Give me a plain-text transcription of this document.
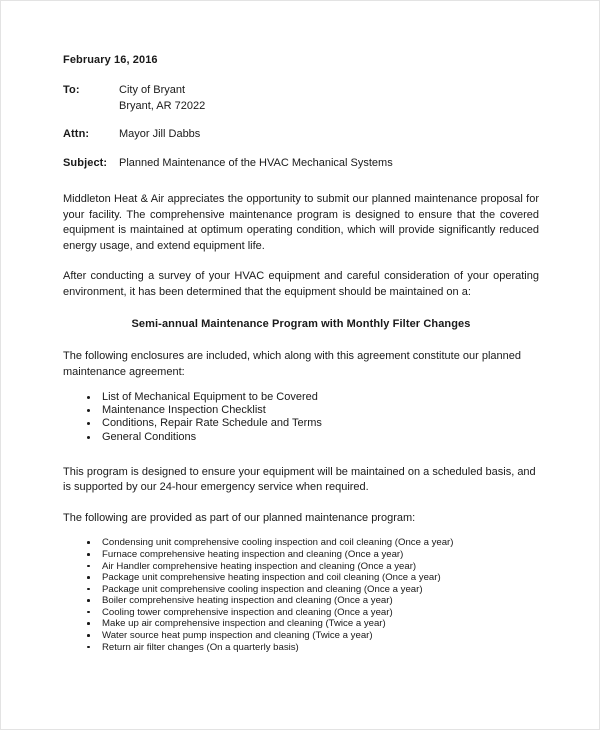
February 16, 2016
To:	City of Bryant
Bryant, AR 72022
Attn:	Mayor Jill Dabbs
Subject:	Planned Maintenance of the HVAC Mechanical Systems

Middleton Heat & Air appreciates the opportunity to submit our planned maintenance proposal for your facility. The comprehensive maintenance program is designed to ensure that the covered equipment is maintained at optimum operating condition, which will provide significantly reduced energy usage, and extend equipment life.

After conducting a survey of your HVAC equipment and careful consideration of your operating environment, it has been determined that the equipment should be maintained on a:

Semi-annual Maintenance Program with Monthly Filter Changes

The following enclosures are included, which along with this agreement constitute our planned maintenance agreement:

List of Mechanical Equipment to be Covered
Maintenance Inspection Checklist
Conditions, Repair Rate Schedule and Terms
General Conditions

This program is designed to ensure your equipment will be maintained on a scheduled basis, and is supported by our 24-hour emergency service when required.

The following are provided as part of our planned maintenance program:

Condensing unit comprehensive cooling inspection and coil cleaning (Once a year)
Furnace comprehensive heating inspection and cleaning (Once a year)
Air Handler comprehensive heating inspection and cleaning (Once a year)
Package unit comprehensive heating inspection and coil cleaning (Once a year)
Package unit comprehensive cooling inspection and cleaning (Once a year)
Boiler comprehensive heating inspection and cleaning (Once a year)
Cooling tower comprehensive inspection and cleaning (Once a year)
Make up air comprehensive inspection and cleaning (Twice a year)
Water source heat pump inspection and cleaning (Twice a year)
Return air filter changes (On a quarterly basis)
